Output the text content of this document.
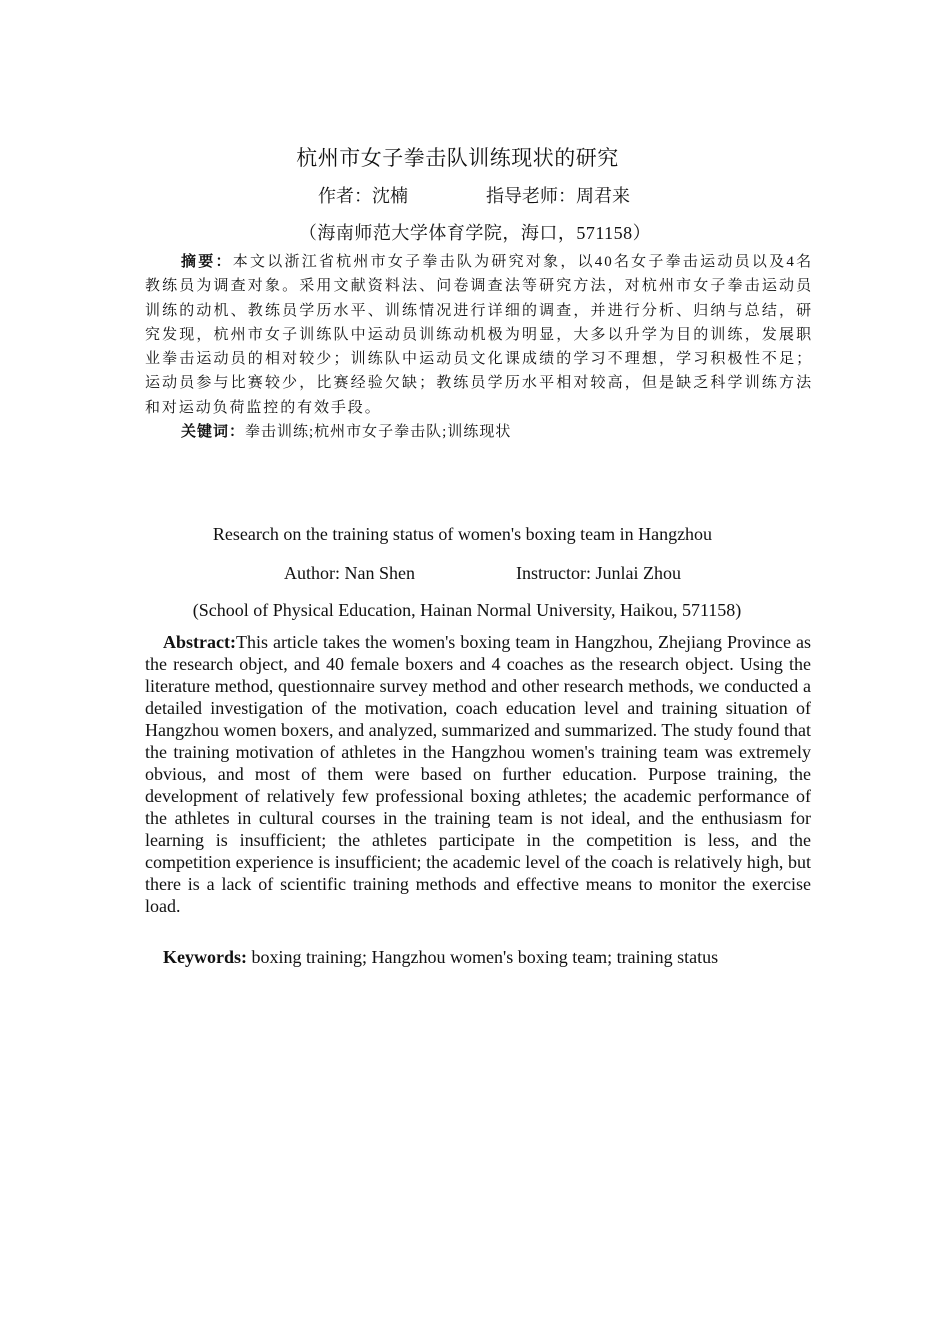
杭州市女子拳击队训练现状的研究
作者：沈楠	指导老师：周君来
（海南师范大学体育学院，海口，571158）

摘要：本文以浙江省杭州市女子拳击队为研究对象，以40名女子拳击运动员以及4名教练员为调查对象。采用文献资料法、问卷调查法等研究方法，对杭州市女子拳击运动员训练的动机、教练员学历水平、训练情况进行详细的调查，并进行分析、归纳与总结，研究发现，杭州市女子训练队中运动员训练动机极为明显，大多以升学为目的训练，发展职业拳击运动员的相对较少；训练队中运动员文化课成绩的学习不理想，学习积极性不足；运动员参与比赛较少，比赛经验欠缺；教练员学历水平相对较高，但是缺乏科学训练方法和对运动负荷监控的有效手段。

关键词：拳击训练;杭州市女子拳击队;训练现状

Research on the training status of women's boxing team in Hangzhou
Author: Nan Shen	Instructor: Junlai Zhou
(School of Physical Education, Hainan Normal University, Haikou, 571158)

Abstract:This article takes the women's boxing team in Hangzhou, Zhejiang Province as the research object, and 40 female boxers and 4 coaches as the research object. Using the literature method, questionnaire survey method and other research methods, we conducted a detailed investigation of the motivation, coach education level and training situation of Hangzhou women boxers, and analyzed, summarized and summarized. The study found that the training motivation of athletes in the Hangzhou women's training team was extremely obvious, and most of them were based on further education. Purpose training, the development of relatively few professional boxing athletes; the academic performance of the athletes in cultural courses in the training team is not ideal, and the enthusiasm for learning is insufficient; the athletes participate in the competition is less, and the competition experience is insufficient; the academic level of the coach is relatively high, but there is a lack of scientific training methods and effective means to monitor the exercise load.

Keywords: boxing training; Hangzhou women's boxing team; training status
